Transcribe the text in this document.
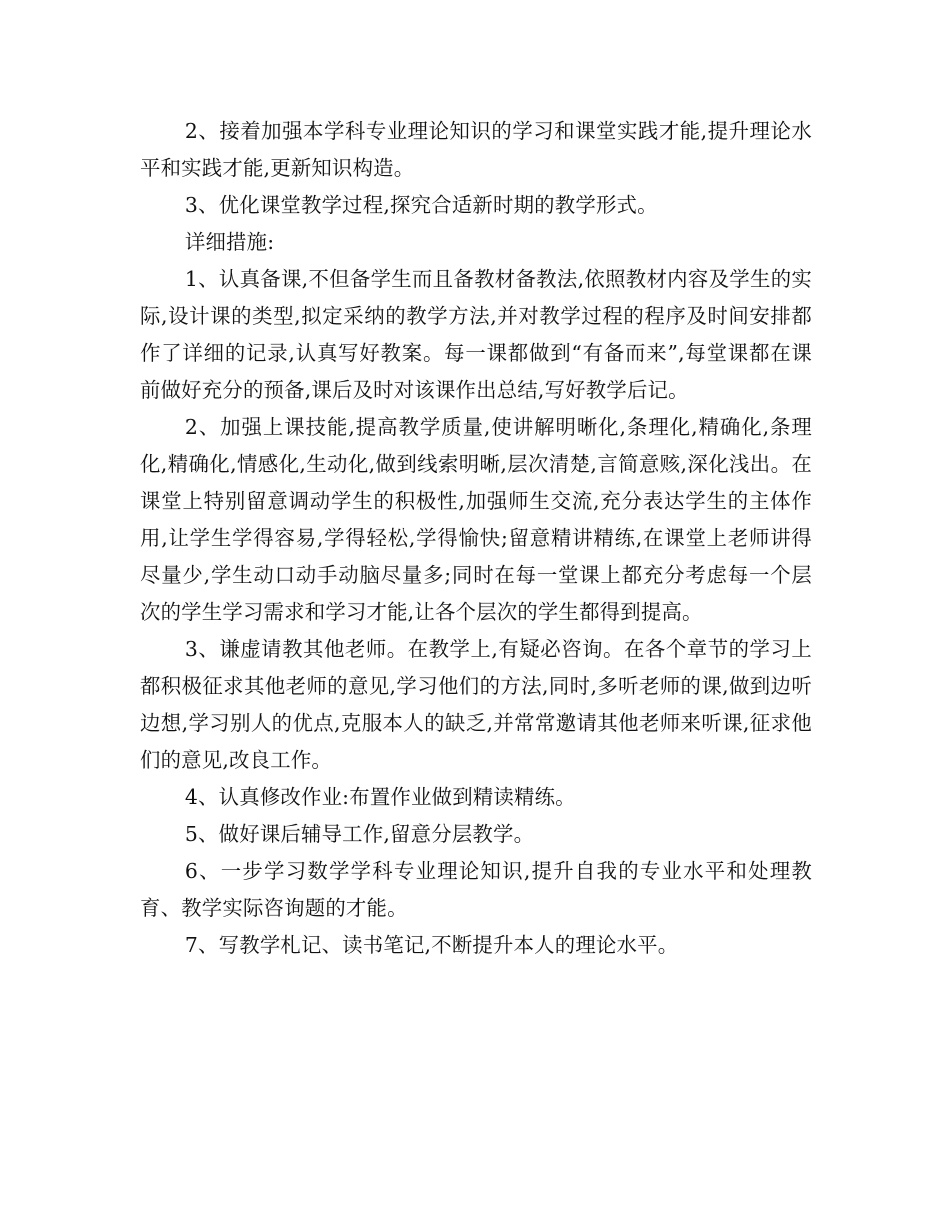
2、接着加强本学科专业理论知识的学习和课堂实践才能,提升理论水平和实践才能,更新知识构造。

3、优化课堂教学过程,探究合适新时期的教学形式。

详细措施:

1、认真备课,不但备学生而且备教材备教法,依照教材内容及学生的实际,设计课的类型,拟定采纳的教学方法,并对教学过程的程序及时间安排都作了详细的记录,认真写好教案。每一课都做到“有备而来”,每堂课都在课前做好充分的预备,课后及时对该课作出总结,写好教学后记。

2、加强上课技能,提高教学质量,使讲解明晰化,条理化,精确化,条理化,精确化,情感化,生动化,做到线索明晰,层次清楚,言简意赅,深化浅出。在课堂上特别留意调动学生的积极性,加强师生交流,充分表达学生的主体作用,让学生学得容易,学得轻松,学得愉快;留意精讲精练,在课堂上老师讲得尽量少,学生动口动手动脑尽量多;同时在每一堂课上都充分考虑每一个层次的学生学习需求和学习才能,让各个层次的学生都得到提高。

3、谦虚请教其他老师。在教学上,有疑必咨询。在各个章节的学习上都积极征求其他老师的意见,学习他们的方法,同时,多听老师的课,做到边听边想,学习别人的优点,克服本人的缺乏,并常常邀请其他老师来听课,征求他们的意见,改良工作。

4、认真修改作业:布置作业做到精读精练。

5、做好课后辅导工作,留意分层教学。

6、一步学习数学学科专业理论知识,提升自我的专业水平和处理教育、教学实际咨询题的才能。

7、写教学札记、读书笔记,不断提升本人的理论水平。
